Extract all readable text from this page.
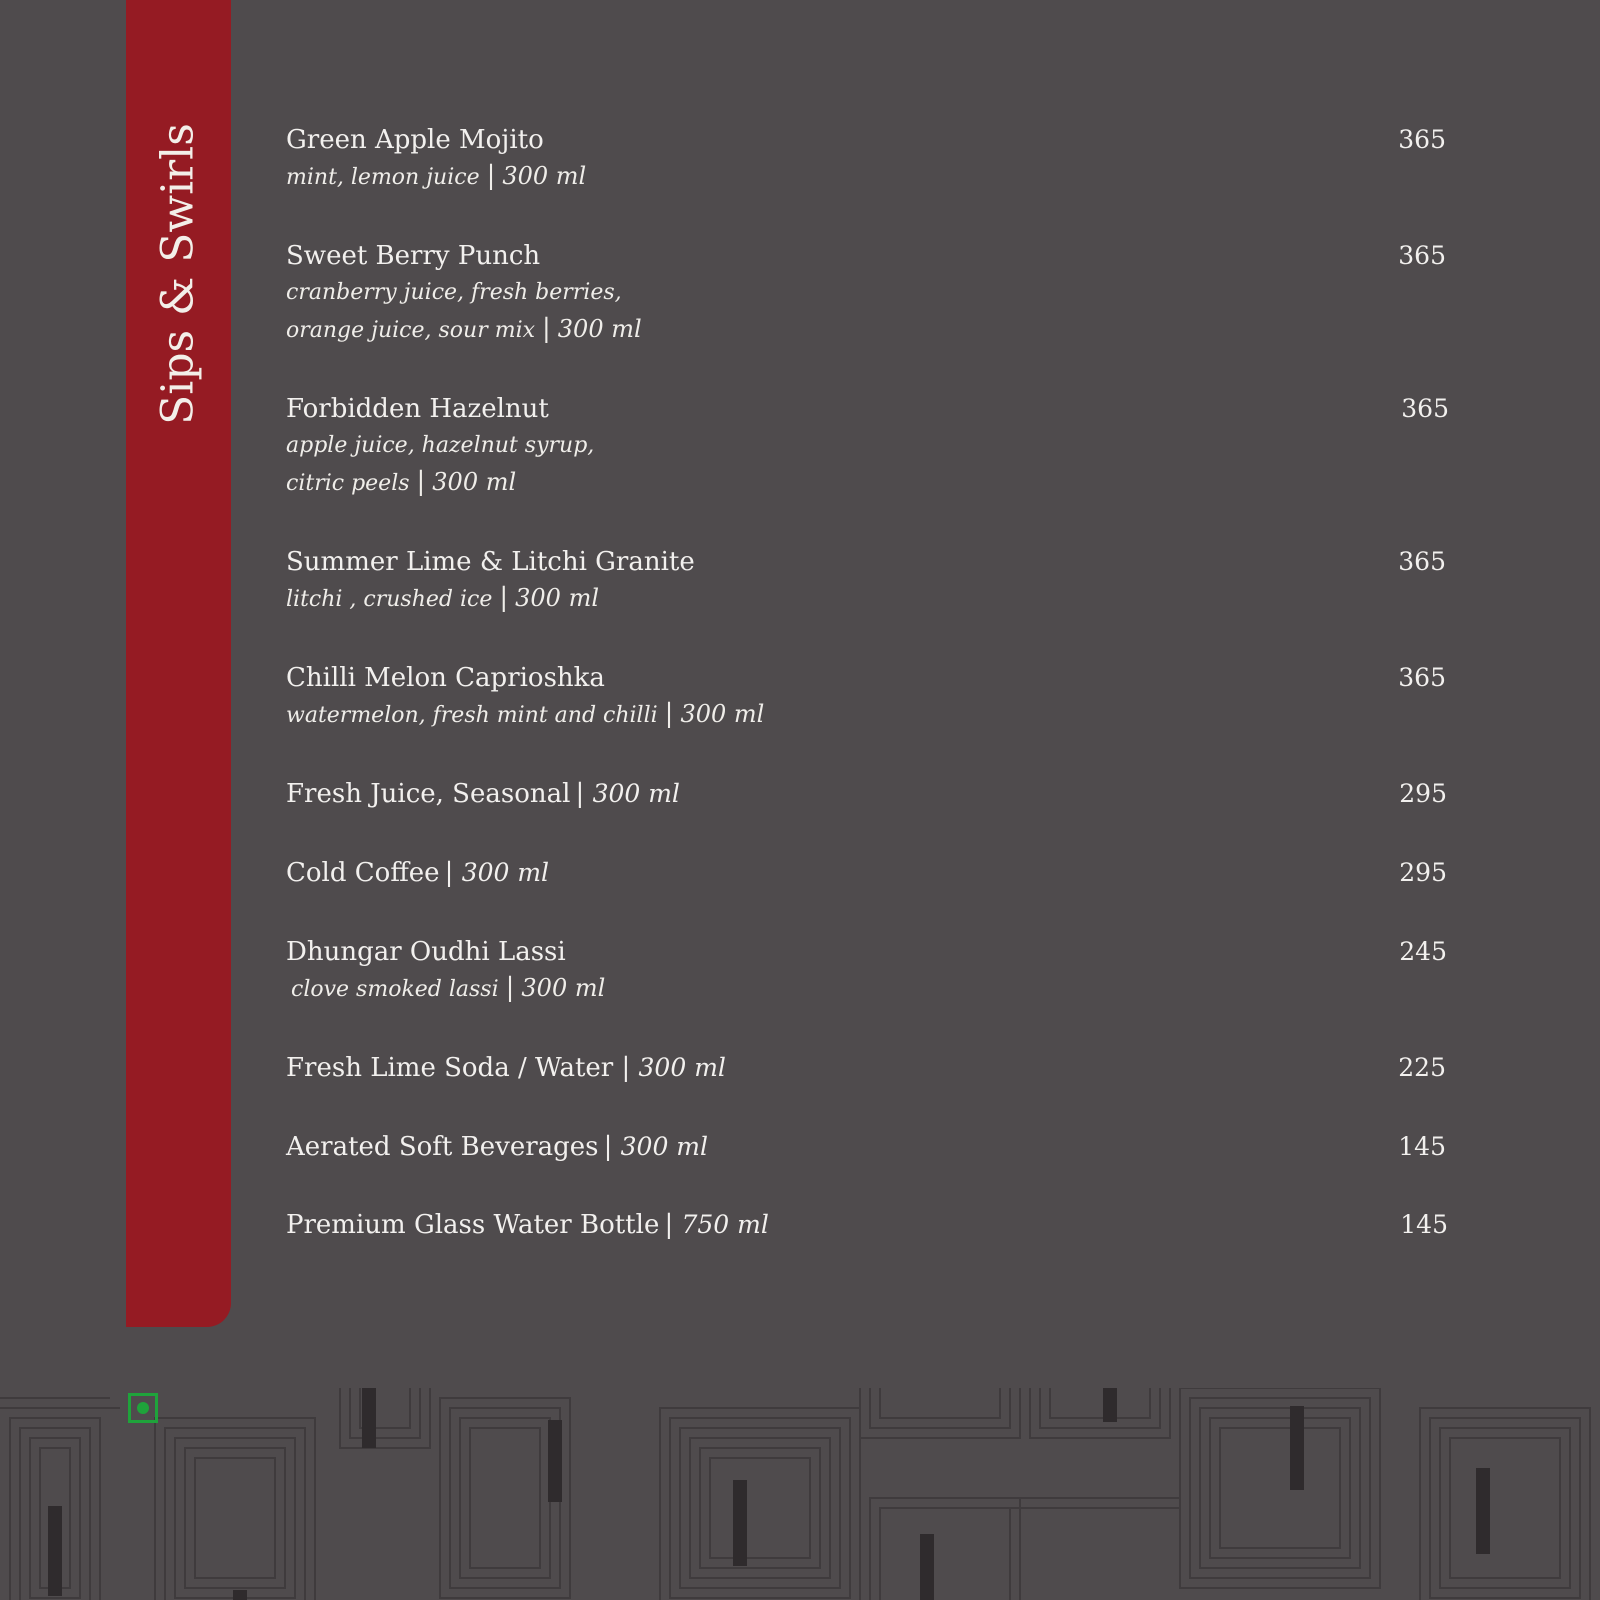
Sips & Swirls	Green Apple Mojito	365
mint, lemon juice | 300 ml
Sweet Berry Punch	365
cranberry juice, fresh berries,
orange juice, sour mix | 300 ml
Forbidden Hazelnut	365
apple juice, hazelnut syrup,
citric peels | 300 ml
Summer Lime & Litchi Granite	365
litchi , crushed ice | 300 ml
Chilli Melon Caprioshka	365
watermelon, fresh mint and chilli | 300 ml
Fresh Juice, Seasonal | 300 ml	295
Cold Coffee | 300 ml	295
Dhungar Oudhi Lassi	245
clove smoked lassi | 300 ml
Fresh Lime Soda / Water | 300 ml	225
Aerated Soft Beverages | 300 ml	145
Premium Glass Water Bottle | 750 ml	145
